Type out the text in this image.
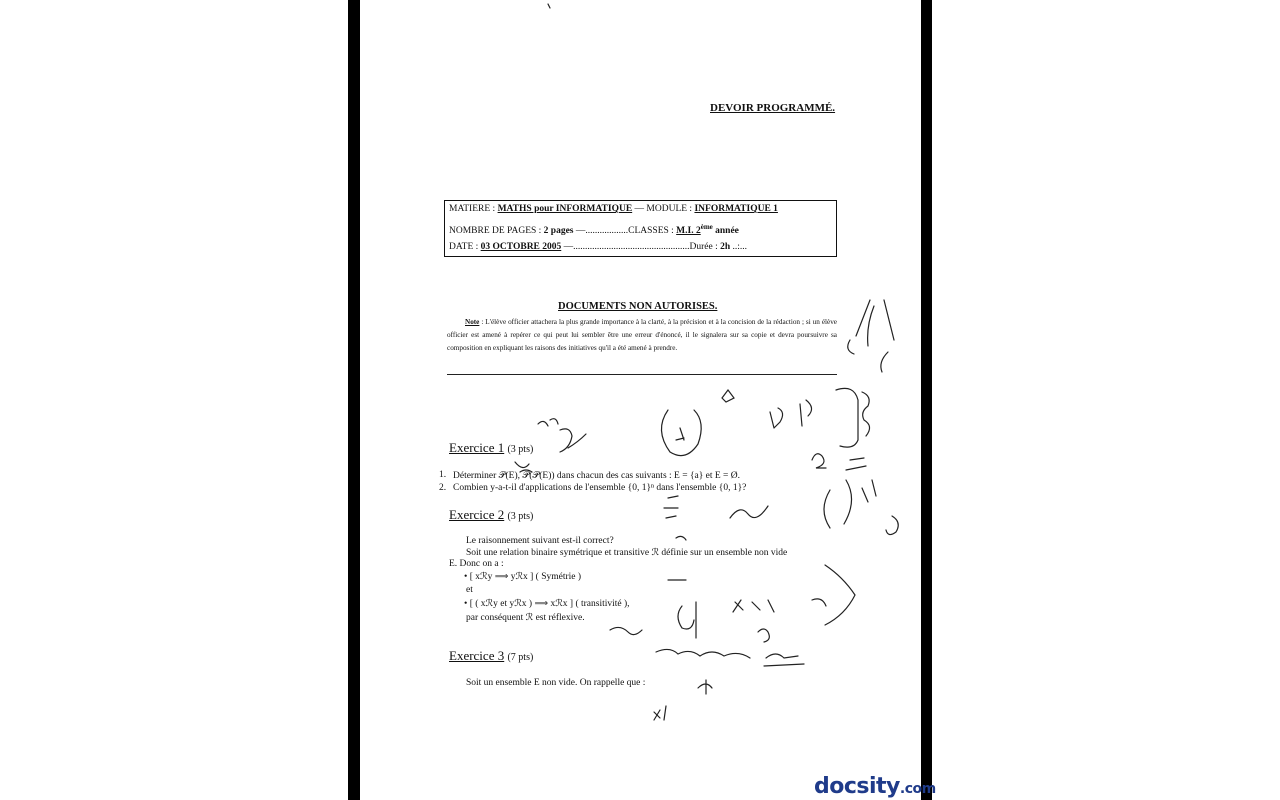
DEVOIR PROGRAMMÉ.
MATIERE : MATHS pour INFORMATIQUE — MODULE : INFORMATIQUE 1
NOMBRE DE PAGES : 2 pages —..................CLASSES : M.I. 2ème année
DATE : 03 OCTOBRE 2005 —.................................................Durée : 2h ..:...
DOCUMENTS NON AUTORISES.
Note : L'élève officier attachera la plus grande importance à la clarté, à la précision et à la concision de la rédaction ; si un élève officier est amené à repérer ce qui peut lui sembler être une erreur d'énoncé, il le signalera sur sa copie et devra poursuivre sa composition en expliquant les raisons des initiatives qu'il a été amené à prendre.
Exercice 1 (3 pts)
1. Déterminer 𝒫(E), 𝒫(𝒫(E)) dans chacun des cas suivants : E = {a} et E = Ø.
2. Combien y-a-t-il d'applications de l'ensemble {0, 1}ⁿ dans l'ensemble {0, 1}?
Exercice 2 (3 pts)
Le raisonnement suivant est-il correct?
Soit une relation binaire symétrique et transitive ℛ définie sur un ensemble non vide
E. Donc on a :
• [ xℛy ⟹ yℛx ] ( Symétrie )
et
• [ ( xℛy et yℛx ) ⟹ xℛx ] ( transitivité ),
par conséquent ℛ est réflexive.
Exercice 3 (7 pts)
Soit un ensemble E non vide. On rappelle que :
docsity.com
